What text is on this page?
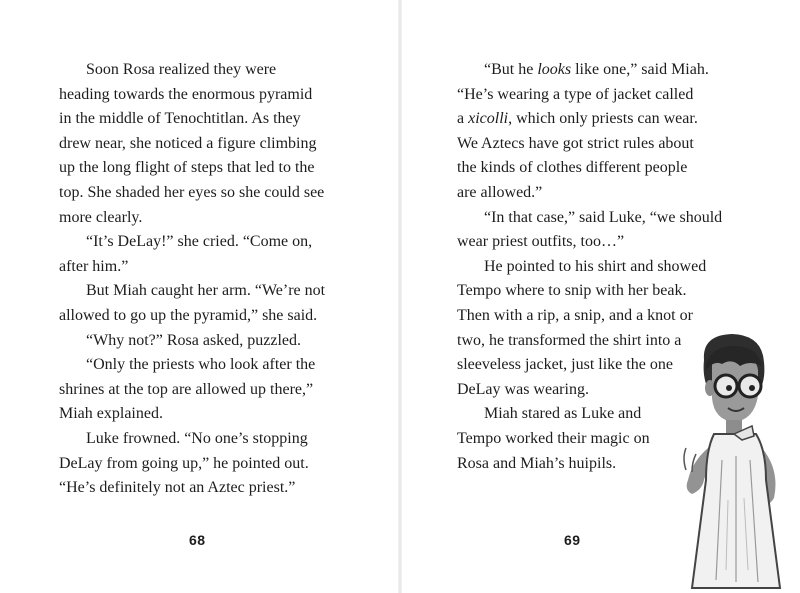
Soon Rosa realized they were
heading towards the enormous pyramid
in the middle of Tenochtitlan. As they
drew near, she noticed a figure climbing
up the long flight of steps that led to the
top. She shaded her eyes so she could see
more clearly.
“It’s DeLay!” she cried. “Come on,
after him.”
But Miah caught her arm. “We’re not
allowed to go up the pyramid,” she said.
“Why not?” Rosa asked, puzzled.
“Only the priests who look after the
shrines at the top are allowed up there,”
Miah explained.
Luke frowned. “No one’s stopping
DeLay from going up,” he pointed out.
“He’s definitely not an Aztec priest.”
68
“But he looks like one,” said Miah.
“He’s wearing a type of jacket called
a xicolli, which only priests can wear.
We Aztecs have got strict rules about
the kinds of clothes different people
are allowed.”
“In that case,” said Luke, “we should
wear priest outfits, too…”
He pointed to his shirt and showed
Tempo where to snip with her beak.
Then with a rip, a snip, and a knot or
two, he transformed the shirt into a
sleeveless jacket, just like the one
DeLay was wearing.
Miah stared as Luke and
Tempo worked their magic on
Rosa and Miah’s huipils.
69
